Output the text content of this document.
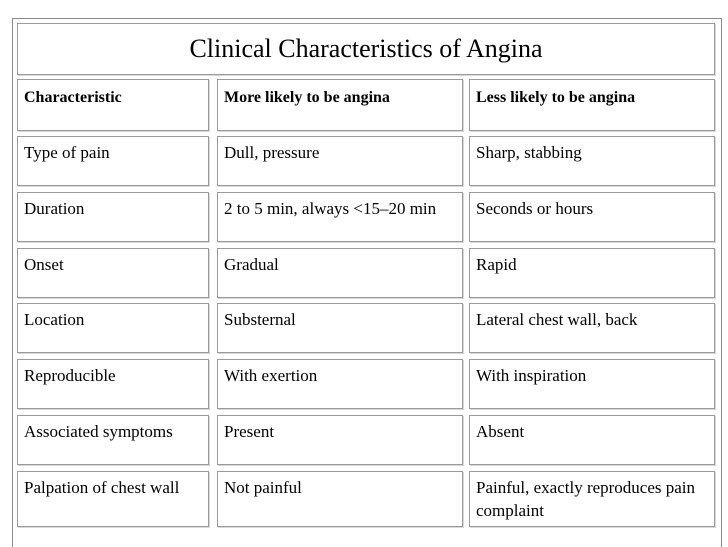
Clinical Characteristics of Angina
Characteristic	More likely to be angina	Less likely to be angina
Type of pain	Dull, pressure	Sharp, stabbing
Duration	2 to 5 min, always <15–20 min	Seconds or hours
Onset	Gradual	Rapid
Location	Substernal	Lateral chest wall, back
Reproducible	With exertion	With inspiration
Associated symptoms	Present	Absent
Palpation of chest wall	Not painful	Painful, exactly reproduces pain complaint
